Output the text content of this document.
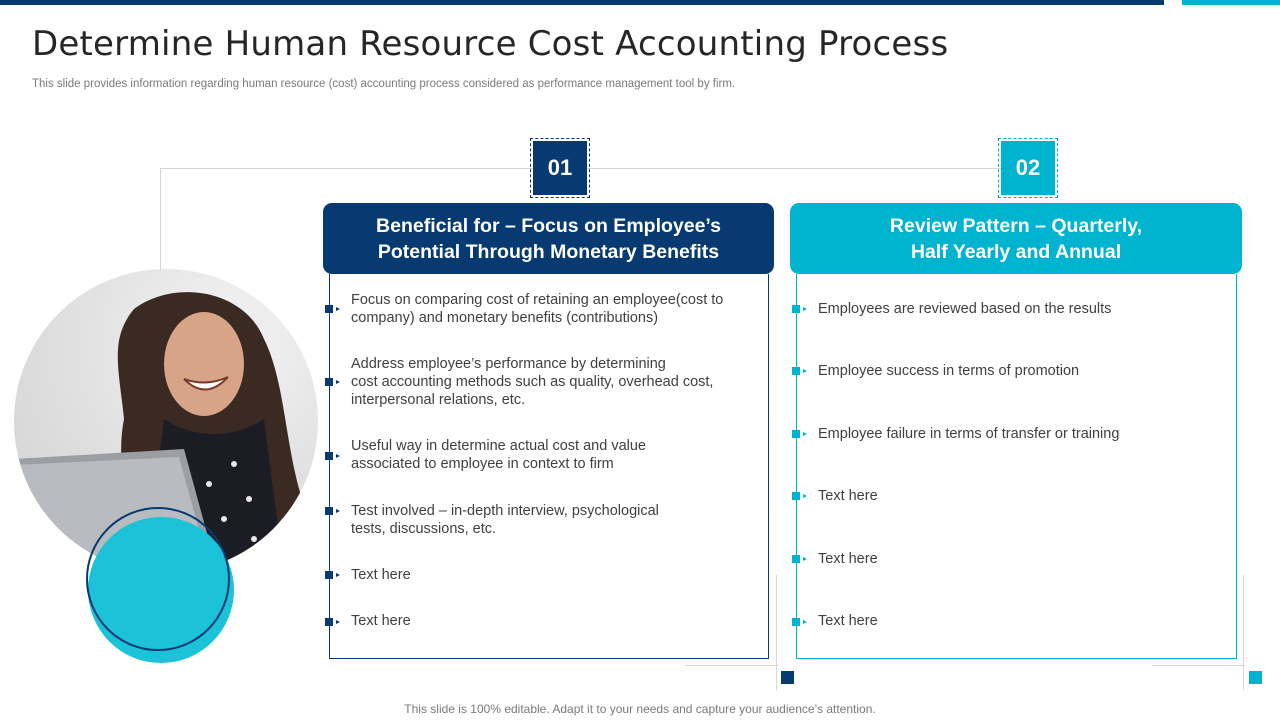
Determine Human Resource Cost Accounting Process
This slide provides information regarding human resource (cost) accounting process considered as performance management tool by firm.
01	02
Beneficial for – Focus on Employee’s
Potential Through Monetary Benefits
Review Pattern – Quarterly,
Half Yearly and Annual
Focus on comparing cost of retaining an employee(cost to
company) and monetary benefits (contributions)
Address employee’s performance by determining
cost accounting methods such as quality, overhead cost,
interpersonal relations, etc.
Useful way in determine actual cost and value
associated to employee in context to firm
Test involved – in-depth interview, psychological
tests, discussions, etc.
Text here
Text here
Employees are reviewed based on the results
Employee success in terms of promotion
Employee failure in terms of transfer or training
Text here
Text here
Text here
This slide is 100% editable. Adapt it to your needs and capture your audience’s attention.
